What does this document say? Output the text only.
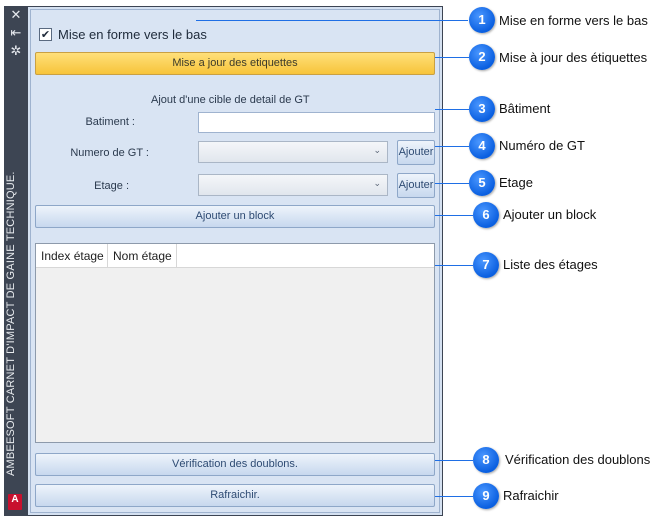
✕
⇤
✲
AMBEESOFT CARNET D'IMPACT DE GAINE TECHNIQUE.
A
✔ Mise en forme vers le bas
Mise a jour des etiquettes
Ajout d'une cible de detail de GT
Batiment :
Numero de GT :	⌄ Ajouter
Etage :	⌄ Ajouter
Ajouter un block
Index étage Nom étage
Vérification des doublons.
Rafraichir.
1	Mise en forme vers le bas
2	Mise à jour des étiquettes
3	Bâtiment
4	Numéro de GT
5	Etage
6	Ajouter un block
7	Liste des étages
8	Vérification des doublons
9	Rafraichir
